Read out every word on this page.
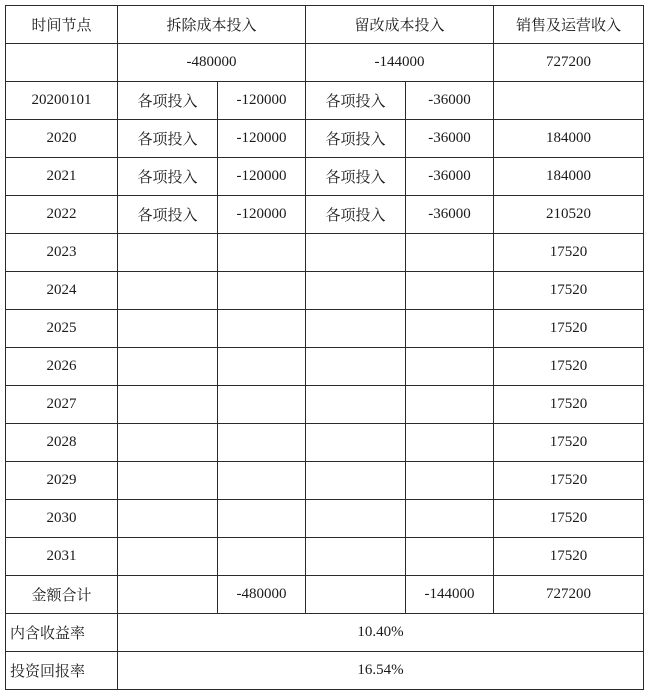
时间节点	拆除成本投入		留改成本投入		销售及运营收入
	-480000		-144000		727200
20200101	各项投入	-120000	各项投入	-36000	
2020	各项投入	-120000	各项投入	-36000	184000
2021	各项投入	-120000	各项投入	-36000	184000
2022	各项投入	-120000	各项投入	-36000	210520
2023					17520
2024					17520
2025					17520
2026					17520
2027					17520
2028					17520
2029					17520
2030					17520
2031					17520
金额合计		-480000		-144000	727200
内含收益率	10.40%				
投资回报率	16.54%				
